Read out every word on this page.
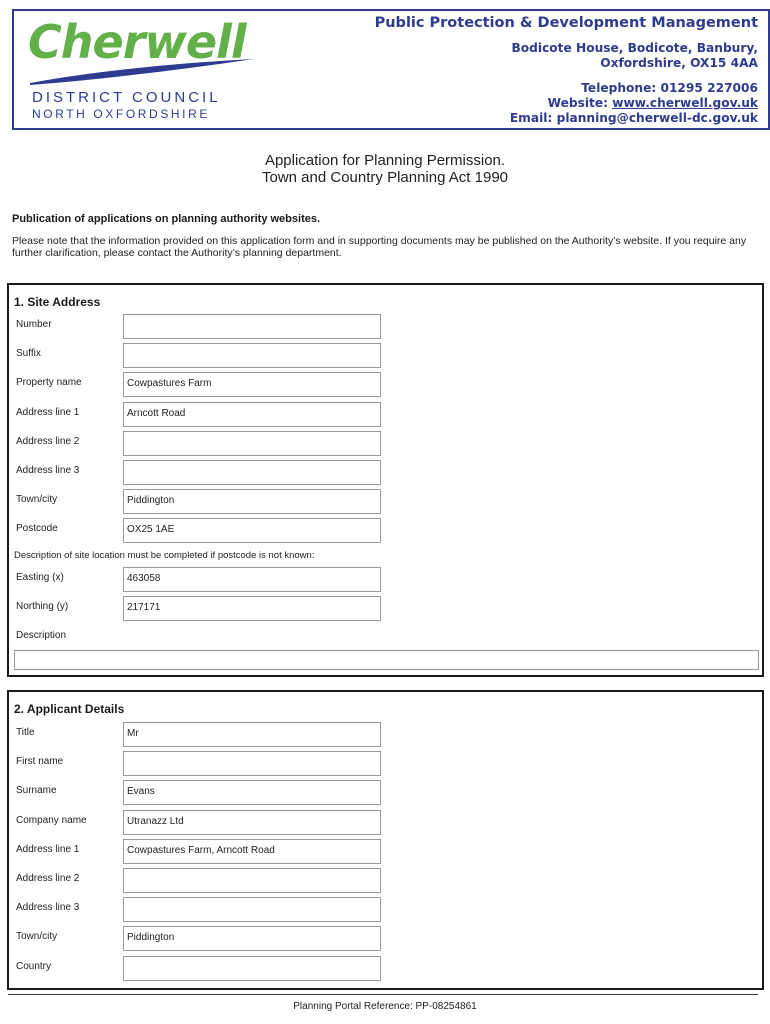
Cherwell
DISTRICT COUNCIL
NORTH OXFORDSHIRE
Public Protection & Development Management
Bodicote House, Bodicote, Banbury,
Oxfordshire, OX15 4AA
Telephone: 01295 227006
Website: www.cherwell.gov.uk
Email: planning@cherwell-dc.gov.uk
Application for Planning Permission.
Town and Country Planning Act 1990
Publication of applications on planning authority websites.
Please note that the information provided on this application form and in supporting documents may be published on the Authority’s website. If you require any further clarification, please contact the Authority’s planning department.
1. Site Address
Number
Suffix
Property name	Cowpastures Farm
Address line 1	Arncott Road
Address line 2
Address line 3
Town/city	Piddington
Postcode	OX25 1AE
Description of site location must be completed if postcode is not known:
Easting (x)	463058
Northing (y)	217171
Description
2. Applicant Details
Title	Mr
First name
Surname	Evans
Company name	Utranazz Ltd
Address line 1	Cowpastures Farm, Arncott Road
Address line 2
Address line 3
Town/city	Piddington
Country
Planning Portal Reference: PP-08254861
